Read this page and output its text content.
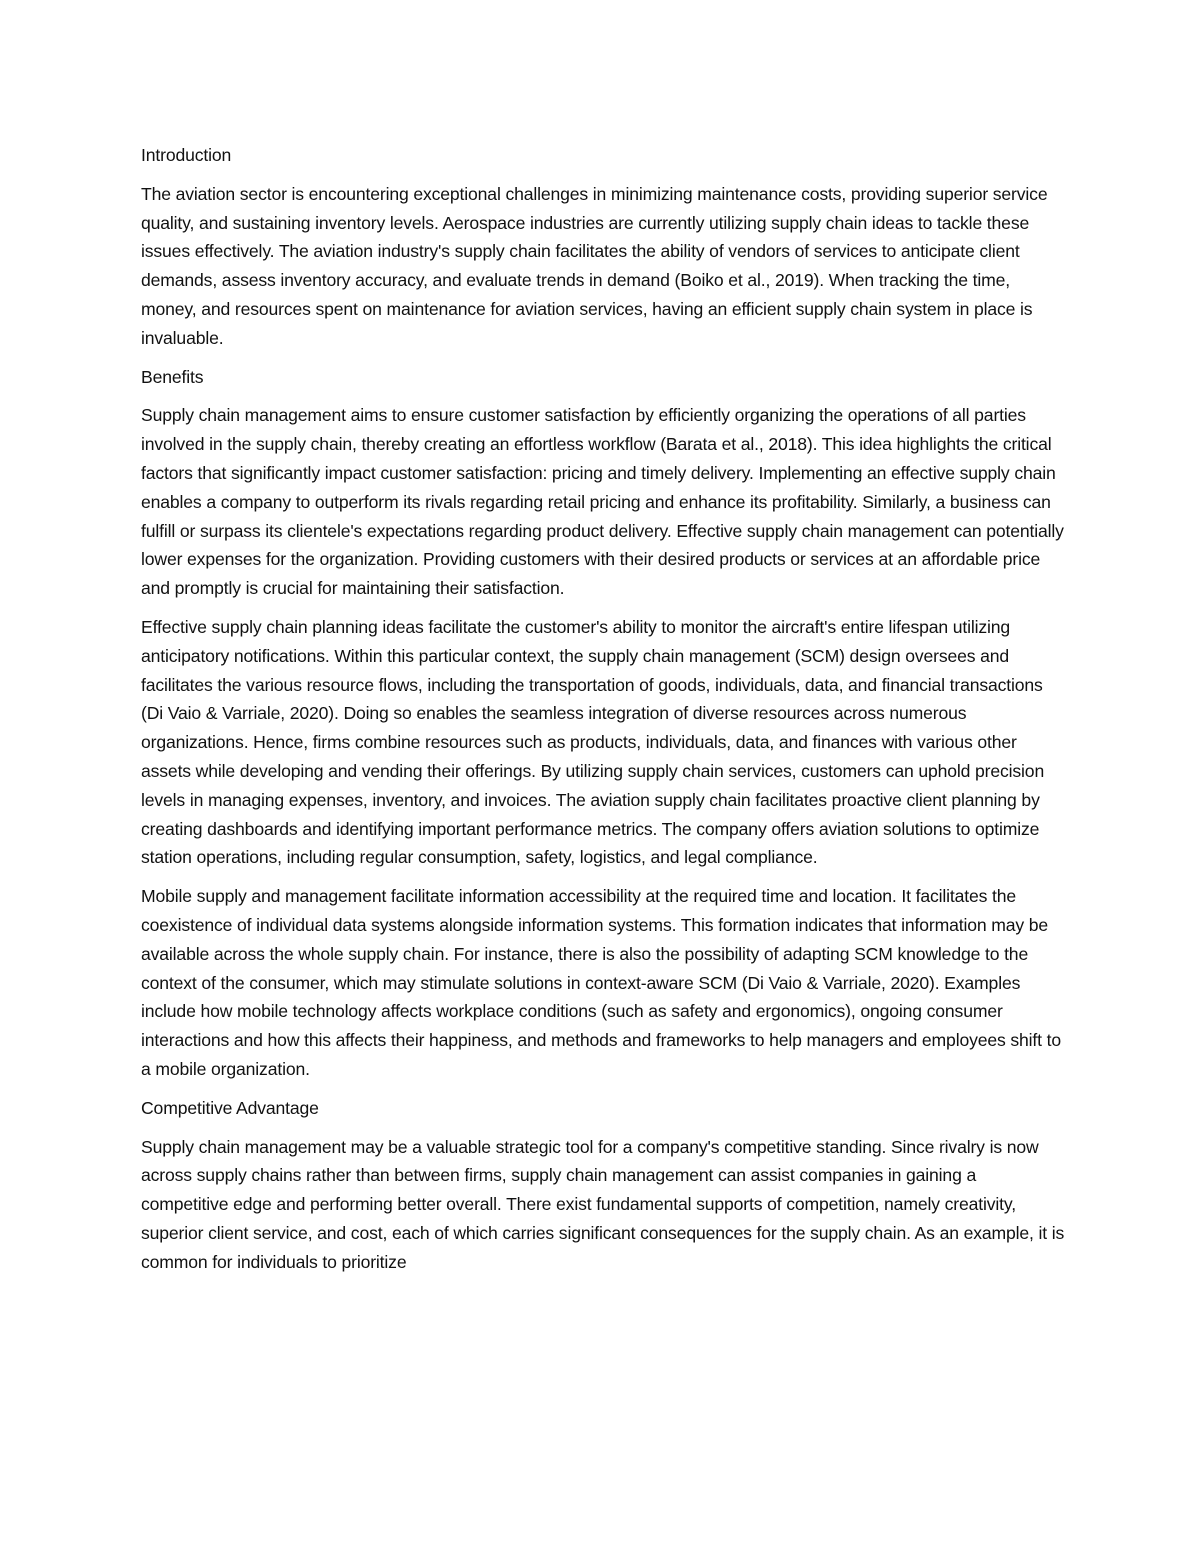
Introduction

The aviation sector is encountering exceptional challenges in minimizing maintenance costs, providing superior service quality, and sustaining inventory levels. Aerospace industries are currently utilizing supply chain ideas to tackle these issues effectively. The aviation industry's supply chain facilitates the ability of vendors of services to anticipate client demands, assess inventory accuracy, and evaluate trends in demand (Boiko et al., 2019). When tracking the time, money, and resources spent on maintenance for aviation services, having an efficient supply chain system in place is invaluable.

Benefits

Supply chain management aims to ensure customer satisfaction by efficiently organizing the operations of all parties involved in the supply chain, thereby creating an effortless workflow (Barata et al., 2018). This idea highlights the critical factors that significantly impact customer satisfaction: pricing and timely delivery. Implementing an effective supply chain enables a company to outperform its rivals regarding retail pricing and enhance its profitability. Similarly, a business can fulfill or surpass its clientele's expectations regarding product delivery. Effective supply chain management can potentially lower expenses for the organization. Providing customers with their desired products or services at an affordable price and promptly is crucial for maintaining their satisfaction.

Effective supply chain planning ideas facilitate the customer's ability to monitor the aircraft's entire lifespan utilizing anticipatory notifications. Within this particular context, the supply chain management (SCM) design oversees and facilitates the various resource flows, including the transportation of goods, individuals, data, and financial transactions (Di Vaio & Varriale, 2020). Doing so enables the seamless integration of diverse resources across numerous organizations. Hence, firms combine resources such as products, individuals, data, and finances with various other assets while developing and vending their offerings. By utilizing supply chain services, customers can uphold precision levels in managing expenses, inventory, and invoices. The aviation supply chain facilitates proactive client planning by creating dashboards and identifying important performance metrics. The company offers aviation solutions to optimize station operations, including regular consumption, safety, logistics, and legal compliance.

Mobile supply and management facilitate information accessibility at the required time and location. It facilitates the coexistence of individual data systems alongside information systems. This formation indicates that information may be available across the whole supply chain. For instance, there is also the possibility of adapting SCM knowledge to the context of the consumer, which may stimulate solutions in context-aware SCM (Di Vaio & Varriale, 2020). Examples include how mobile technology affects workplace conditions (such as safety and ergonomics), ongoing consumer interactions and how this affects their happiness, and methods and frameworks to help managers and employees shift to a mobile organization.

Competitive Advantage

Supply chain management may be a valuable strategic tool for a company's competitive standing. Since rivalry is now across supply chains rather than between firms, supply chain management can assist companies in gaining a competitive edge and performing better overall. There exist fundamental supports of competition, namely creativity, superior client service, and cost, each of which carries significant consequences for the supply chain. As an example, it is common for individuals to prioritize
